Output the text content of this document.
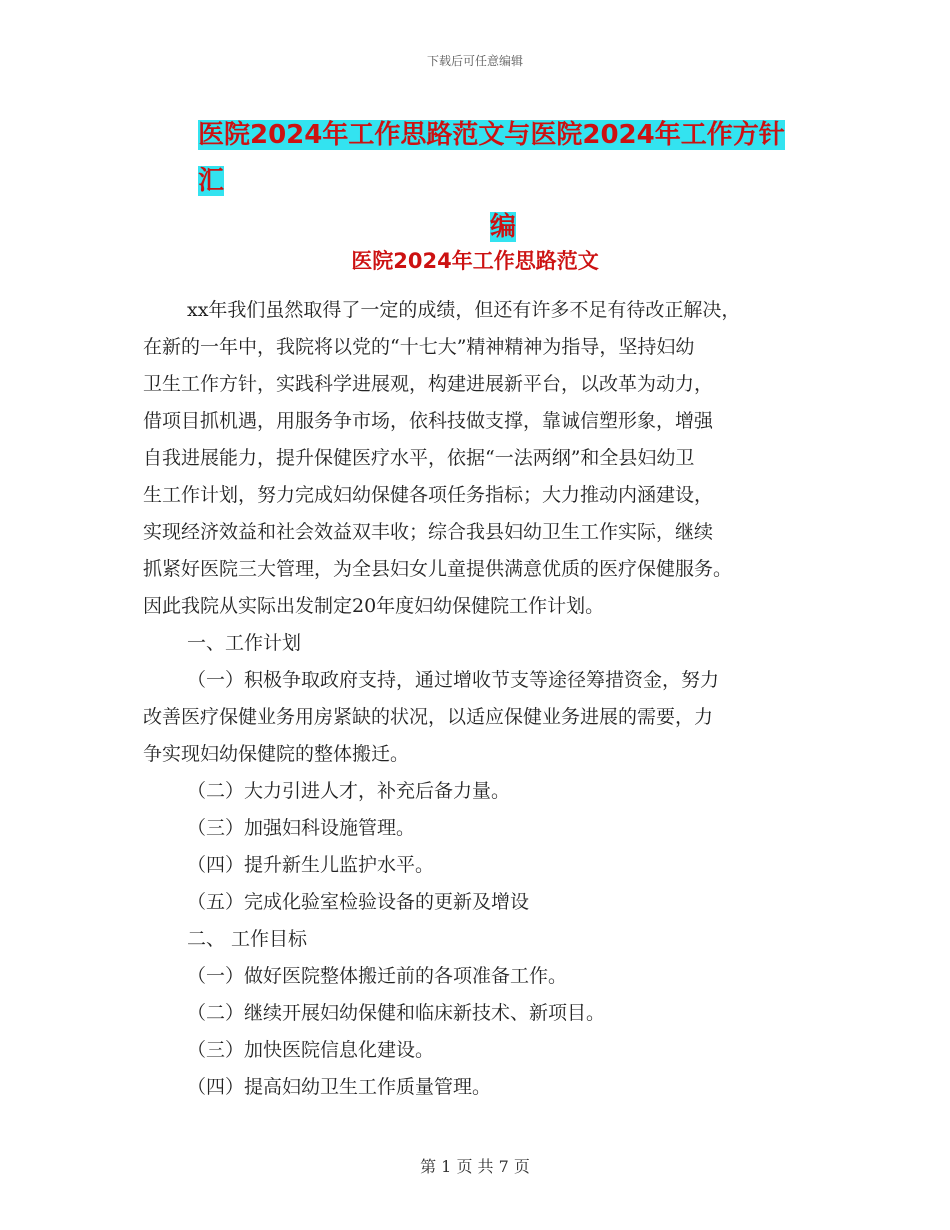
下载后可任意编辑
医院2024年工作思路范文与医院2024年工作方针汇
编
医院2024年工作思路范文

xx年我们虽然取得了一定的成绩，但还有许多不足有待改正解决，

在新的一年中，我院将以党的“十七大”精神精神为指导，坚持妇幼

卫生工作方针，实践科学进展观，构建进展新平台，以改革为动力，

借项目抓机遇，用服务争市场，依科技做支撑，靠诚信塑形象，增强

自我进展能力，提升保健医疗水平，依据“一法两纲”和全县妇幼卫

生工作计划，努力完成妇幼保健各项任务指标；大力推动内涵建设，

实现经济效益和社会效益双丰收；综合我县妇幼卫生工作实际，继续

抓紧好医院三大管理，为全县妇女儿童提供满意优质的医疗保健服务。

因此我院从实际出发制定20年度妇幼保健院工作计划。

一、工作计划

（一）积极争取政府支持，通过增收节支等途径筹措资金，努力

改善医疗保健业务用房紧缺的状况，以适应保健业务进展的需要，力

争实现妇幼保健院的整体搬迁。

（二）大力引进人才，补充后备力量。

（三）加强妇科设施管理。

（四）提升新生儿监护水平。

（五）完成化验室检验设备的更新及增设

二、 工作目标

（一）做好医院整体搬迁前的各项准备工作。

（二）继续开展妇幼保健和临床新技术、新项目。

（三）加快医院信息化建设。

（四）提高妇幼卫生工作质量管理。

第 1 页 共 7 页
